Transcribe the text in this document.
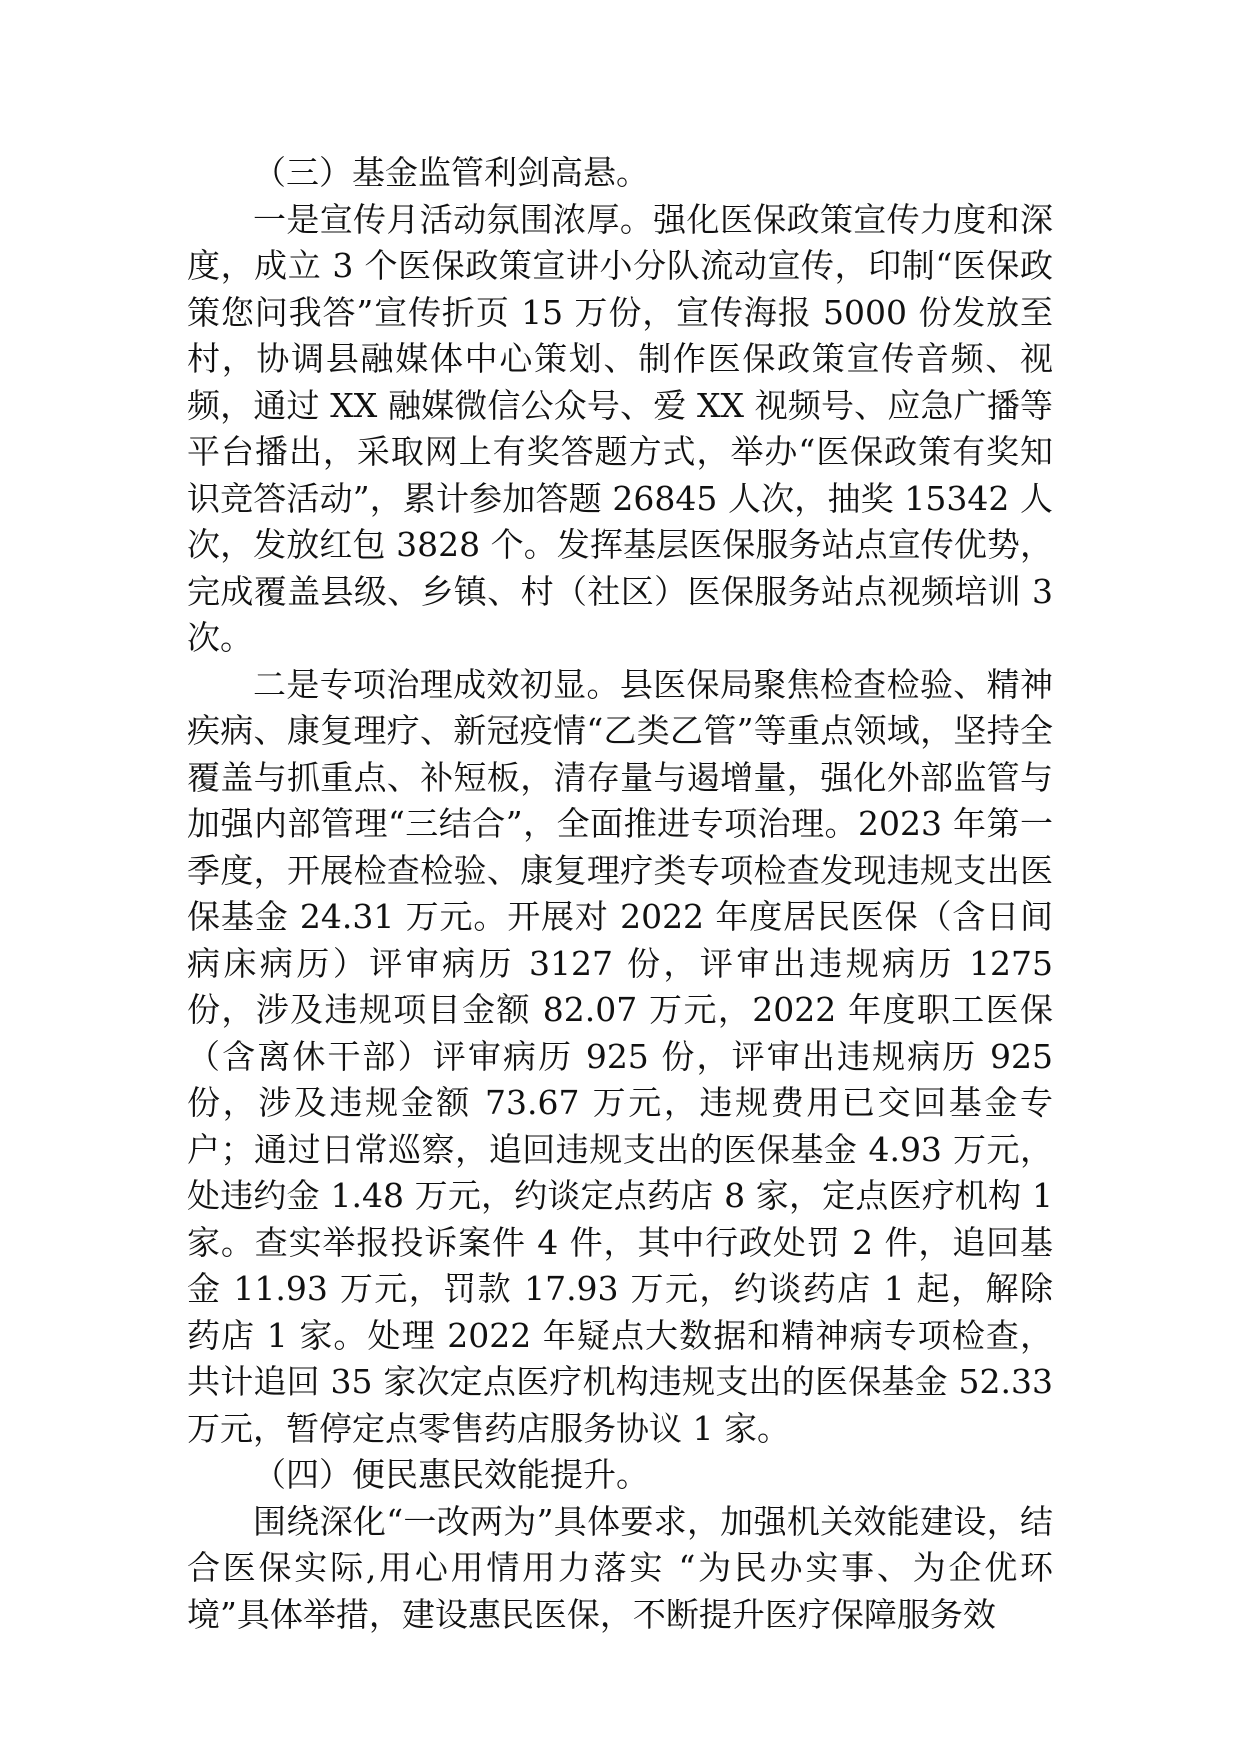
（三）基金监管利剑高悬。

一是宣传月活动氛围浓厚。强化医保政策宣传力度和深度，成立 3 个医保政策宣讲小分队流动宣传，印制“医保政策您问我答”宣传折页 15 万份，宣传海报 5000 份发放至村，协调县融媒体中心策划、制作医保政策宣传音频、视频，通过 XX 融媒微信公众号、爱 XX 视频号、应急广播等平台播出，采取网上有奖答题方式，举办“医保政策有奖知识竞答活动”，累计参加答题 26845 人次，抽奖 15342 人次，发放红包 3828 个。发挥基层医保服务站点宣传优势，完成覆盖县级、乡镇、村（社区）医保服务站点视频培训 3 次。

二是专项治理成效初显。县医保局聚焦检查检验、精神疾病、康复理疗、新冠疫情“乙类乙管”等重点领域，坚持全覆盖与抓重点、补短板，清存量与遏增量，强化外部监管与加强内部管理“三结合”，全面推进专项治理。2023 年第一季度，开展检查检验、康复理疗类专项检查发现违规支出医保基金 24.31 万元。开展对 2022 年度居民医保（含日间病床病历）评审病历 3127 份，评审出违规病历 1275 份，涉及违规项目金额 82.07 万元，2022 年度职工医保（含离休干部）评审病历 925 份，评审出违规病历 925 份，涉及违规金额 73.67 万元，违规费用已交回基金专户；通过日常巡察，追回违规支出的医保基金 4.93 万元，处违约金 1.48 万元，约谈定点药店 8 家，定点医疗机构 1 家。查实举报投诉案件 4 件，其中行政处罚 2 件，追回基金 11.93 万元，罚款 17.93 万元，约谈药店 1 起，解除药店 1 家。处理 2022 年疑点大数据和精神病专项检查，共计追回 35 家次定点医疗机构违规支出的医保基金 52.33 万元，暂停定点零售药店服务协议 1 家。

（四）便民惠民效能提升。

围绕深化“一改两为”具体要求，加强机关效能建设，结合医保实际,用心用情用力落实 “为民办实事、为企优环境”具体举措，建设惠民医保，不断提升医疗保障服务效
